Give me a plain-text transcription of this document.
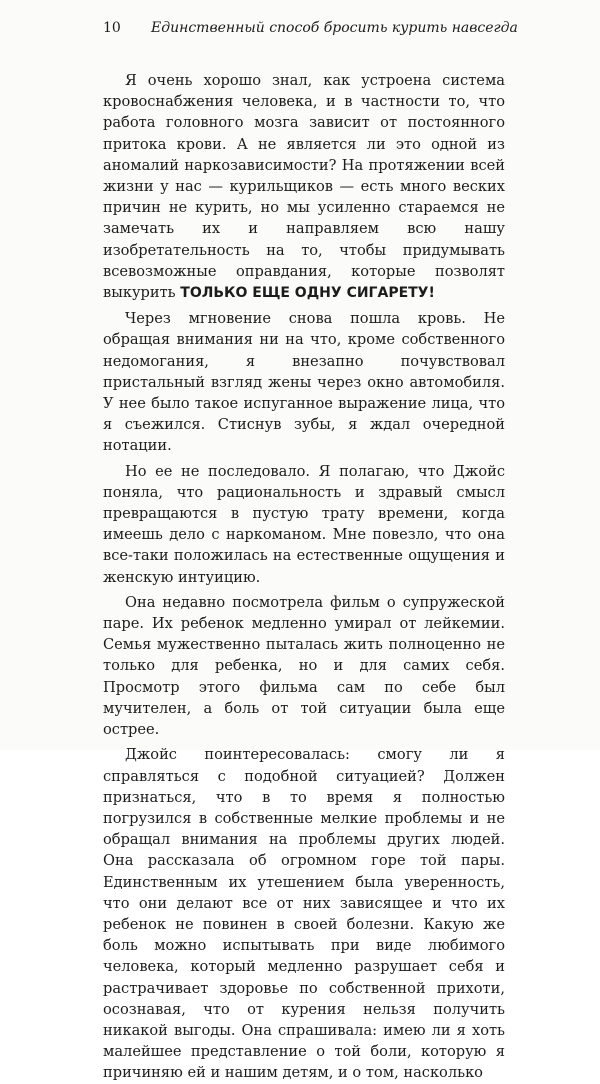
10 Единственный способ бросить курить навсегда

Я очень хорошо знал, как устроена система кровоснабжения человека, и в частности то, что работа головного мозга зависит от постоянного притока крови. А не является ли это одной из аномалий наркозависимости? На протяжении всей жизни у нас — курильщиков — есть много веских причин не курить, но мы усиленно стараемся не замечать их и направляем всю нашу изобретательность на то, чтобы придумывать всевозможные оправдания, которые позволят выкурить ТОЛЬКО ЕЩЕ ОДНУ СИГАРЕТУ!

Через мгновение снова пошла кровь. Не обращая внимания ни на что, кроме собственного недомогания, я внезапно почувствовал пристальный взгляд жены через окно автомобиля. У нее было такое испуганное выражение лица, что я съежился. Стиснув зубы, я ждал очередной нотации.

Но ее не последовало. Я полагаю, что Джойс поняла, что рациональность и здравый смысл превращаются в пустую трату времени, когда имеешь дело с наркоманом. Мне повезло, что она все-таки положилась на естественные ощущения и женскую интуицию.

Она недавно посмотрела фильм о супружеской паре. Их ребенок медленно умирал от лейкемии. Семья мужественно пыталась жить полноценно не только для ребенка, но и для самих себя. Просмотр этого фильма сам по себе был мучителен, а боль от той ситуации была еще острее.

Джойс поинтересовалась: смогу ли я справляться с подобной ситуацией? Должен признаться, что в то время я полностью погрузился в собственные мелкие проблемы и не обращал внимания на проблемы других людей. Она рассказала об огромном горе той пары. Единственным их утешением была уверенность, что они делают все от них зависящее и что их ребенок не повинен в своей болезни. Какую же боль можно испытывать при виде любимого человека, который медленно разрушает себя и растрачивает здоровье по собственной прихоти, осознавая, что от курения нельзя получить никакой выгоды. Она спрашивала: имею ли я хоть малейшее представление о той боли, которую я причиняю ей и нашим детям, и о том, насколько
